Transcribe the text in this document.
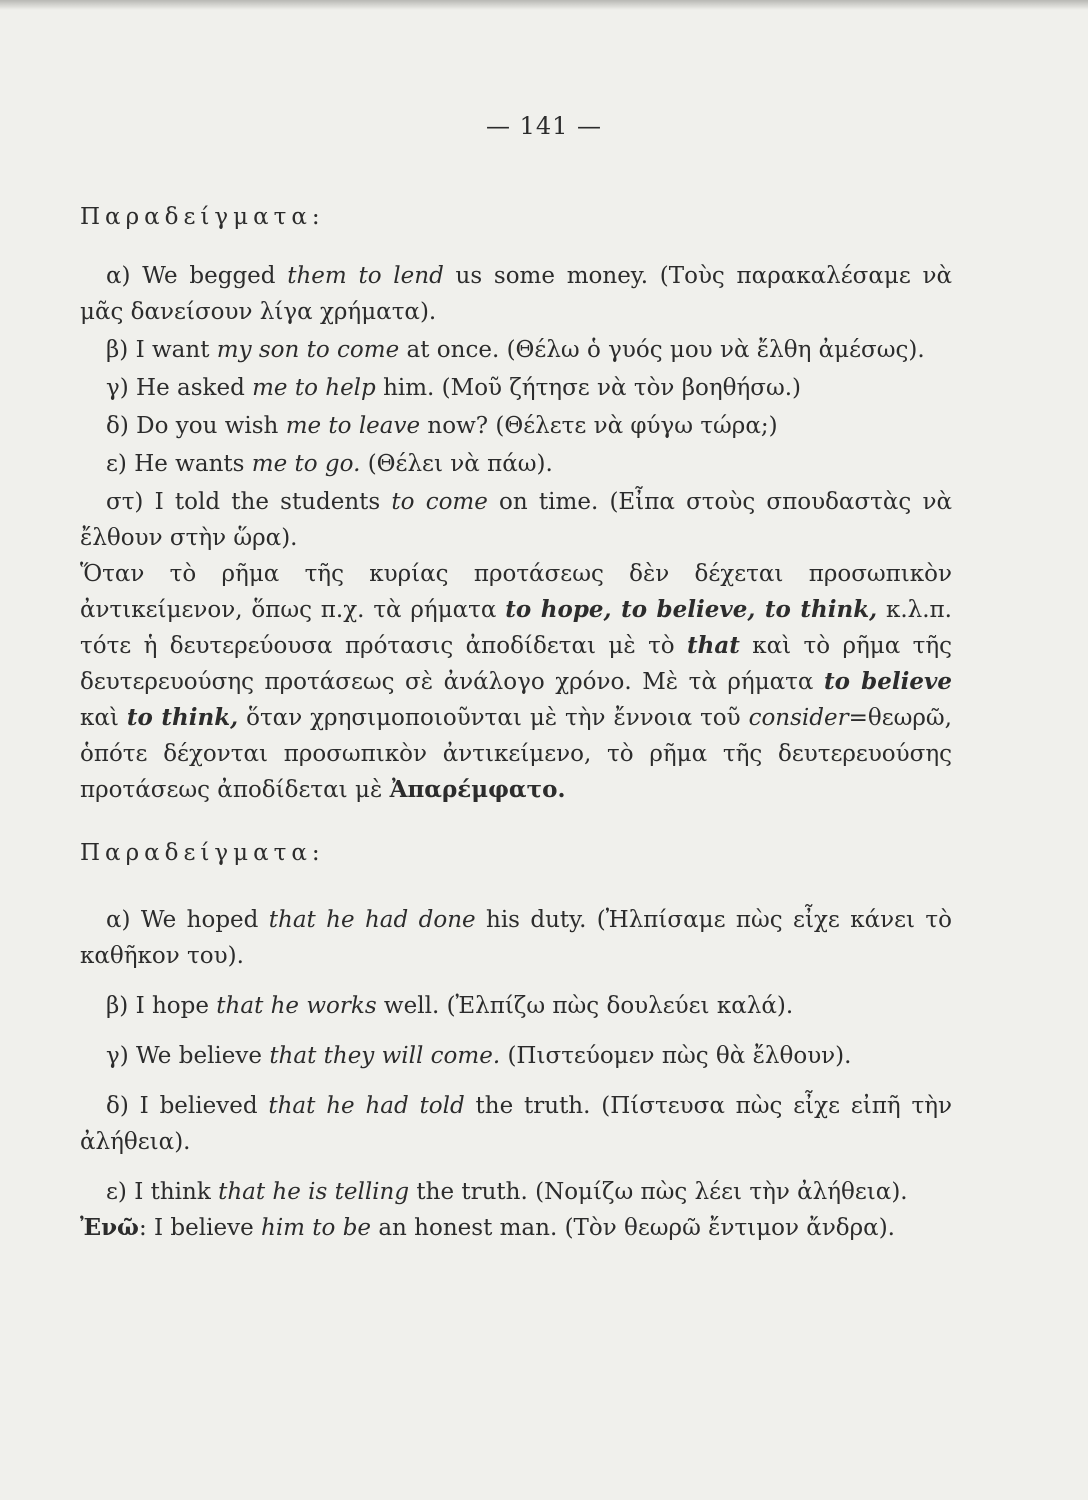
— 141 —
Παραδείγματα:
α) We begged them to lend us some money. (Τοὺς παρακαλέσαμε νὰ μᾶς δανείσουν λίγα χρήματα).
β) I want my son to come at once. (Θέλω ὁ γυός μου νὰ ἔλθη ἀμέσως).
γ) He asked me to help him. (Μοῦ ζήτησε νὰ τὸν βοηθήσω.)
δ) Do you wish me to leave now? (Θέλετε νὰ φύγω τώρα;)
ε) He wants me to go. (Θέλει νὰ πάω).
στ) I told the students to come on time. (Εἶπα στοὺς σπουδαστὰς νὰ ἔλθουν στὴν ὥρα).
Ὅταν τὸ ρῆμα τῆς κυρίας προτάσεως δὲν δέχεται προσωπικὸν ἀντικείμενον, ὅπως π.χ. τὰ ρήματα to hope, to believe, to think, κ.λ.π. τότε ἡ δευτερεύουσα πρότασις ἀποδίδεται μὲ τὸ that καὶ τὸ ρῆμα τῆς δευτερευούσης προτάσεως σὲ ἀνάλογο χρόνο. Μὲ τὰ ρήματα to believe καὶ to think, ὅταν χρησιμοποιοῦνται μὲ τὴν ἔννοια τοῦ consider=θεωρῶ, ὁπότε δέχονται προσωπικὸν ἀντικείμενο, τὸ ρῆμα τῆς δευτερευούσης προτάσεως ἀποδίδεται μὲ Ἀπαρέμφατο.
Παραδείγματα:
α) We hoped that he had done his duty. (Ἠλπίσαμε πὼς εἶχε κάνει τὸ καθῆκον του).
β) I hope that he works well. (Ἐλπίζω πὼς δουλεύει καλά).
γ) We believe that they will come. (Πιστεύομεν πὼς θὰ ἔλθουν).
δ) I believed that he had told the truth. (Πίστευσα πὼς εἶχε εἰπῆ τὴν ἀλήθεια).
ε) I think that he is telling the truth. (Νομίζω πὼς λέει τὴν ἀλήθεια).
Ἐνῶ: I believe him to be an honest man. (Τὸν θεωρῶ ἔντιμον ἄνδρα).
